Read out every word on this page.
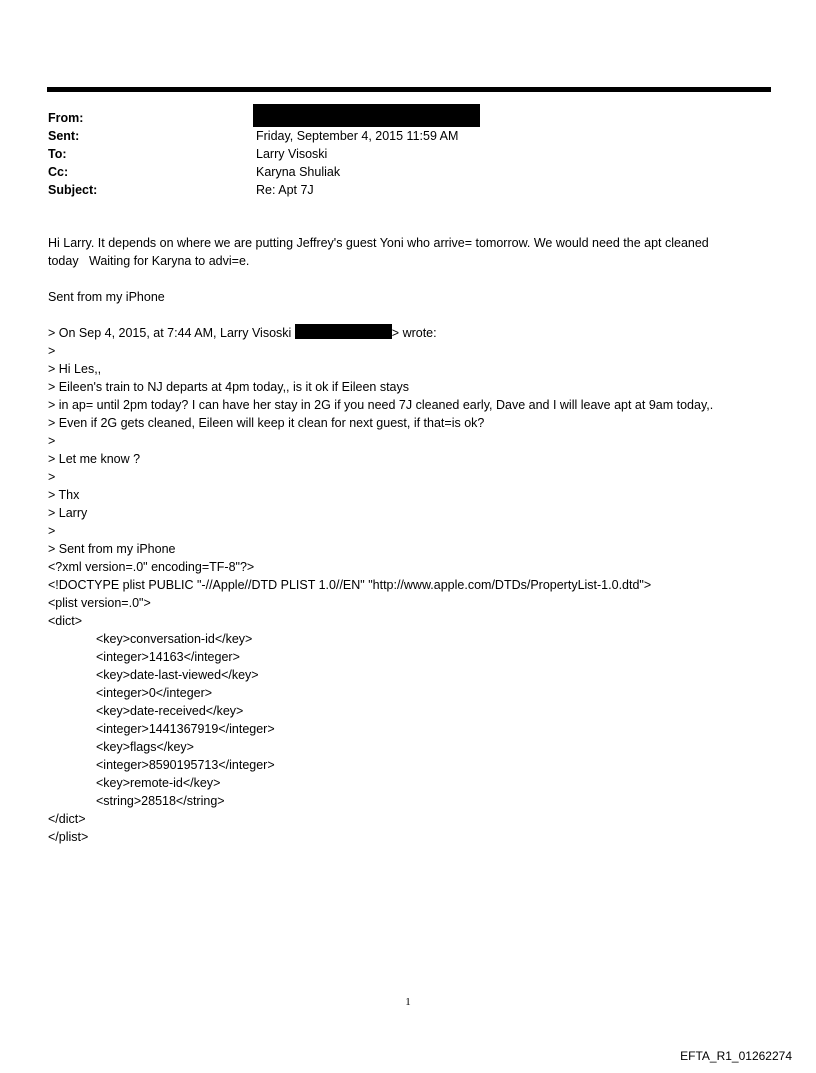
From:
Sent:	Friday, September 4, 2015 11:59 AM
To:	Larry Visoski
Cc:	Karyna Shuliak
Subject:	Re: Apt 7J
Hi Larry. It depends on where we are putting Jeffrey's guest Yoni who arrive= tomorrow. We would need the apt cleaned
today   Waiting for Karyna to advi=e.
Sent from my iPhone
> On Sep 4, 2015, at 7:44 AM, Larry Visoski	> wrote:
>
> Hi Les,,
> Eileen's train to NJ departs at 4pm today,, is it ok if Eileen stays
> in ap= until 2pm today? I can have her stay in 2G if you need 7J cleaned early, Dave and I will leave apt at 9am today,.
> Even if 2G gets cleaned, Eileen will keep it clean for next guest, if that=is ok?
>
> Let me know ?
>
> Thx
> Larry
>
> Sent from my iPhone
<?xml version=.0" encoding=TF-8"?>
<!DOCTYPE plist PUBLIC "-//Apple//DTD PLIST 1.0//EN" "http://www.apple.com/DTDs/PropertyList-1.0.dtd">
<plist version=.0">
<dict>
<key>conversation-id</key>
<integer>14163</integer>
<key>date-last-viewed</key>
<integer>0</integer>
<key>date-received</key>
<integer>1441367919</integer>
<key>flags</key>
<integer>8590195713</integer>
<key>remote-id</key>
<string>28518</string>
</dict>
</plist>
1
EFTA_R1_01262274
